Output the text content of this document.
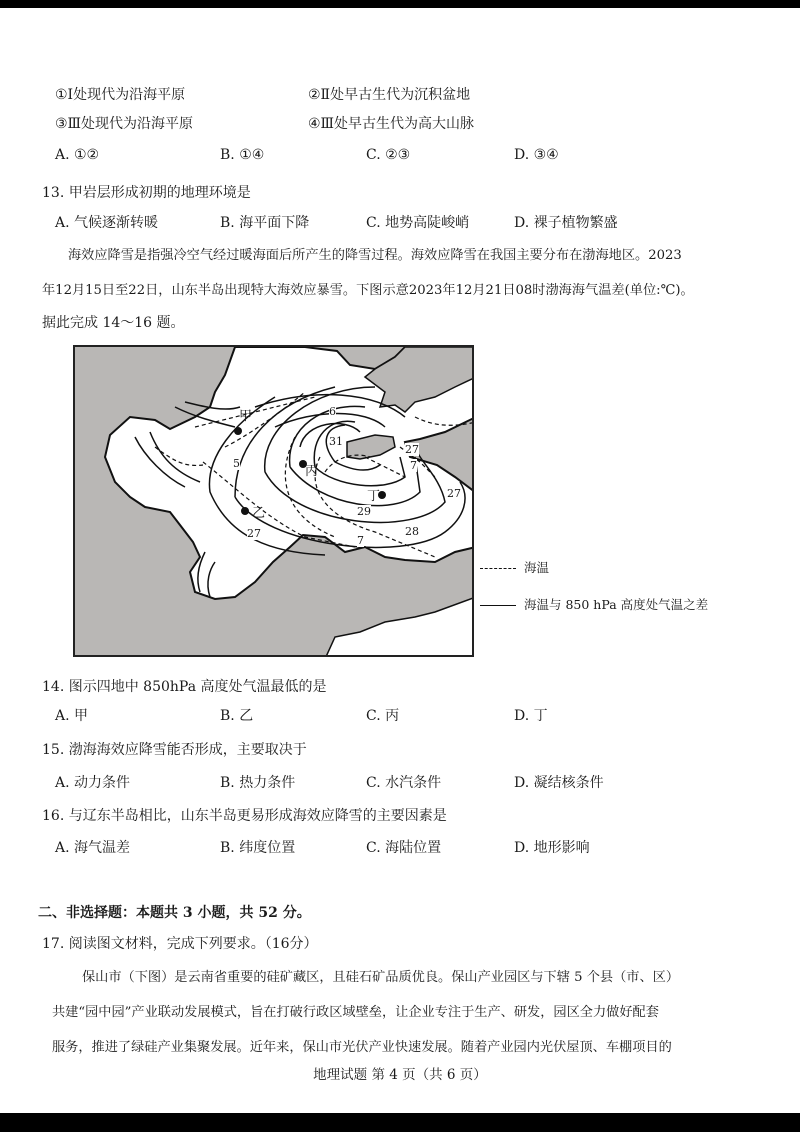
①Ⅰ处现代为沿海平原	②Ⅱ处早古生代为沉积盆地
③Ⅲ处现代为沿海平原	④Ⅲ处早古生代为高大山脉
A. ①②	B. ①④	C. ②③	D. ③④
13. 甲岩层形成初期的地理环境是
A. 气候逐渐转暖	B. 海平面下降	C. 地势高陡峻峭	D. 裸子植物繁盛
海效应降雪是指强冷空气经过暖海面后所产生的降雪过程。海效应降雪在我国主要分布在渤海地区。2023
年12月15日至22日，山东半岛出现特大海效应暴雪。下图示意2023年12月21日08时渤海海气温差(单位:℃)。
据此完成 14～16 题。
甲
乙
丙
丁
6
31
5
27
29
28
7
27
7
27
海温
海温与 850 hPa 高度处气温之差
14. 图示四地中 850hPa 高度处气温最低的是
A. 甲	B. 乙	C. 丙	D. 丁
15. 渤海海效应降雪能否形成，主要取决于
A. 动力条件	B. 热力条件	C. 水汽条件	D. 凝结核条件
16. 与辽东半岛相比，山东半岛更易形成海效应降雪的主要因素是
A. 海气温差	B. 纬度位置	C. 海陆位置	D. 地形影响
二、非选择题：本题共 3 小题，共 52 分。
17. 阅读图文材料，完成下列要求。（16分）
保山市（下图）是云南省重要的硅矿藏区，且硅石矿品质优良。保山产业园区与下辖 5 个县（市、区）
共建“园中园”产业联动发展模式，旨在打破行政区域壁垒，让企业专注于生产、研发，园区全力做好配套
服务，推进了绿硅产业集聚发展。近年来，保山市光伏产业快速发展。随着产业园内光伏屋顶、车棚项目的
地理试题 第 4 页（共 6 页）
